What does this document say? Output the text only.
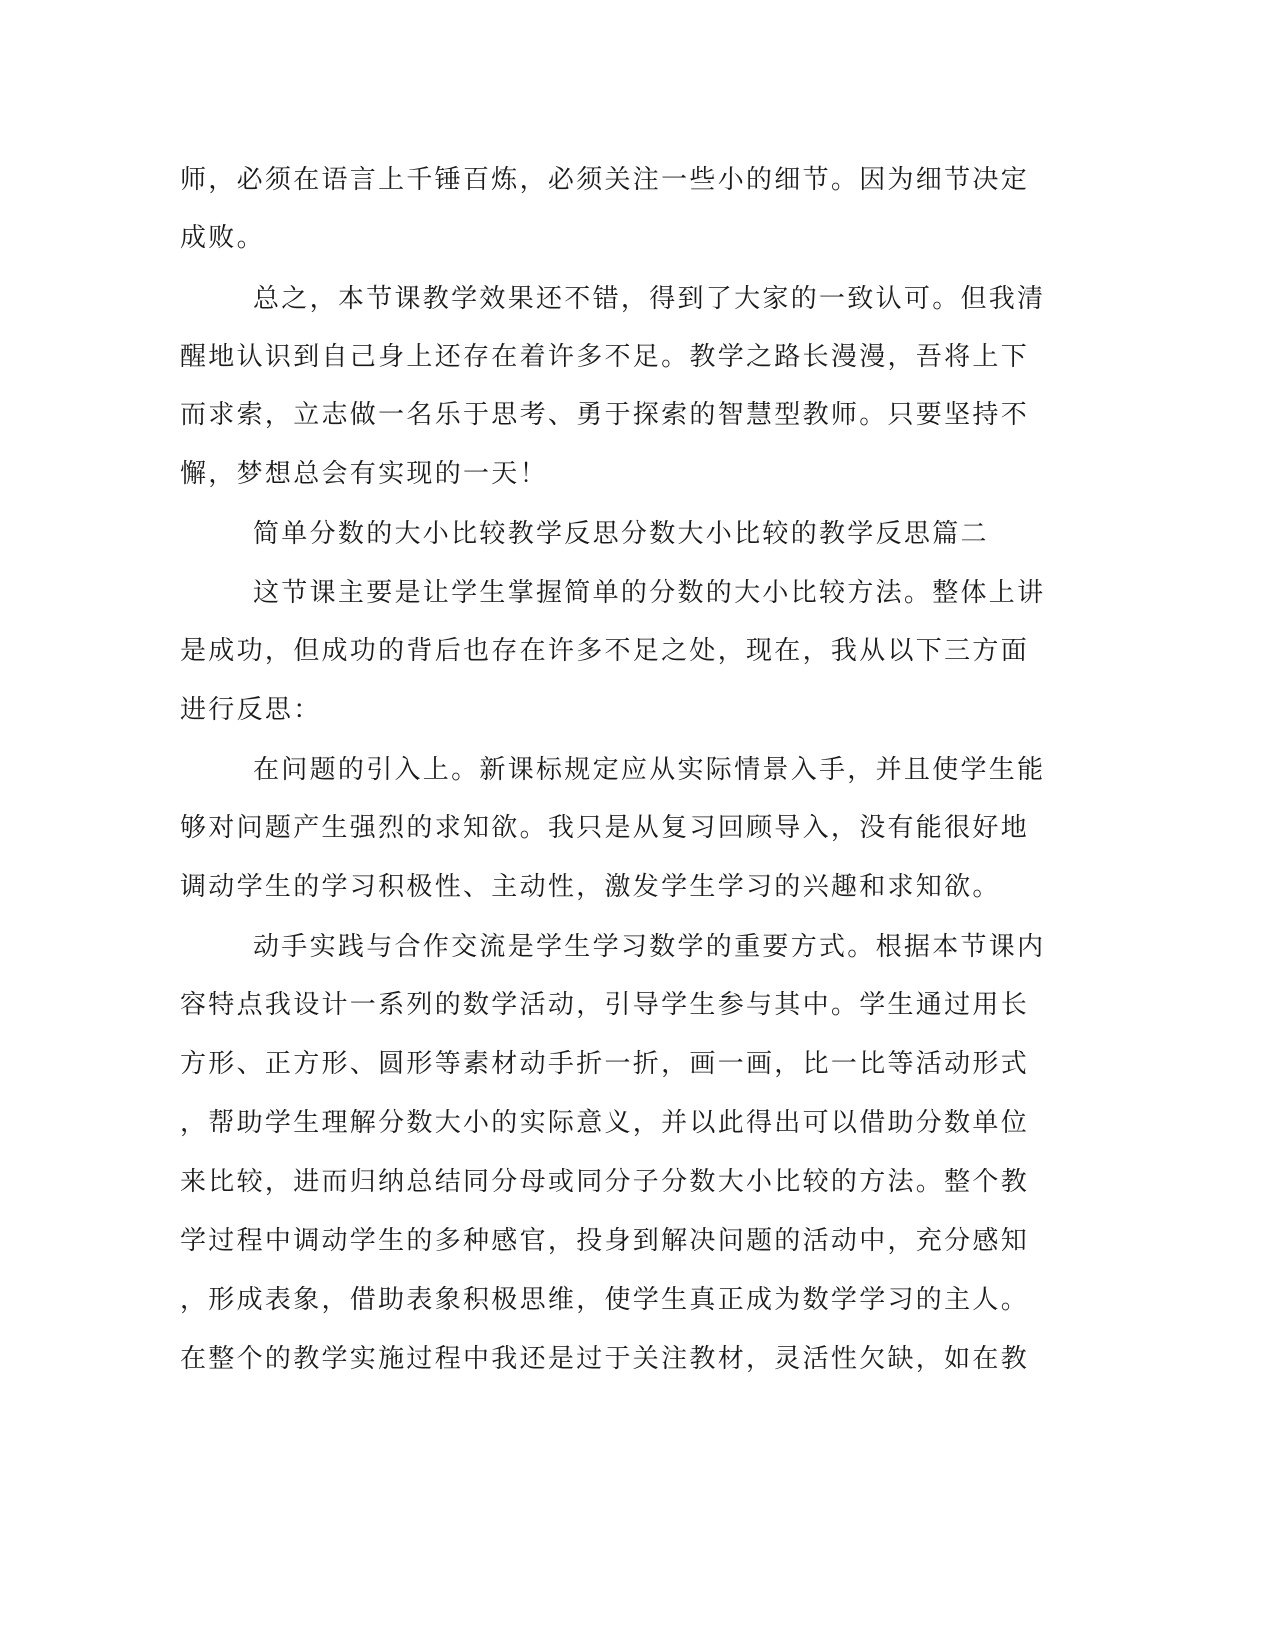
师，必须在语言上千锤百炼，必须关注一些小的细节。因为细节决定
成败。
总之，本节课教学效果还不错，得到了大家的一致认可。但我清
醒地认识到自己身上还存在着许多不足。教学之路长漫漫，吾将上下
而求索，立志做一名乐于思考、勇于探索的智慧型教师。只要坚持不
懈，梦想总会有实现的一天！
简单分数的大小比较教学反思分数大小比较的教学反思篇二
这节课主要是让学生掌握简单的分数的大小比较方法。整体上讲
是成功，但成功的背后也存在许多不足之处，现在，我从以下三方面
进行反思：
在问题的引入上。新课标规定应从实际情景入手，并且使学生能
够对问题产生强烈的求知欲。我只是从复习回顾导入，没有能很好地
调动学生的学习积极性、主动性，激发学生学习的兴趣和求知欲。
动手实践与合作交流是学生学习数学的重要方式。根据本节课内
容特点我设计一系列的数学活动，引导学生参与其中。学生通过用长
方形、正方形、圆形等素材动手折一折，画一画，比一比等活动形式
，帮助学生理解分数大小的实际意义，并以此得出可以借助分数单位
来比较，进而归纳总结同分母或同分子分数大小比较的方法。整个教
学过程中调动学生的多种感官，投身到解决问题的活动中，充分感知
，形成表象，借助表象积极思维，使学生真正成为数学学习的主人。
在整个的教学实施过程中我还是过于关注教材，灵活性欠缺，如在教
